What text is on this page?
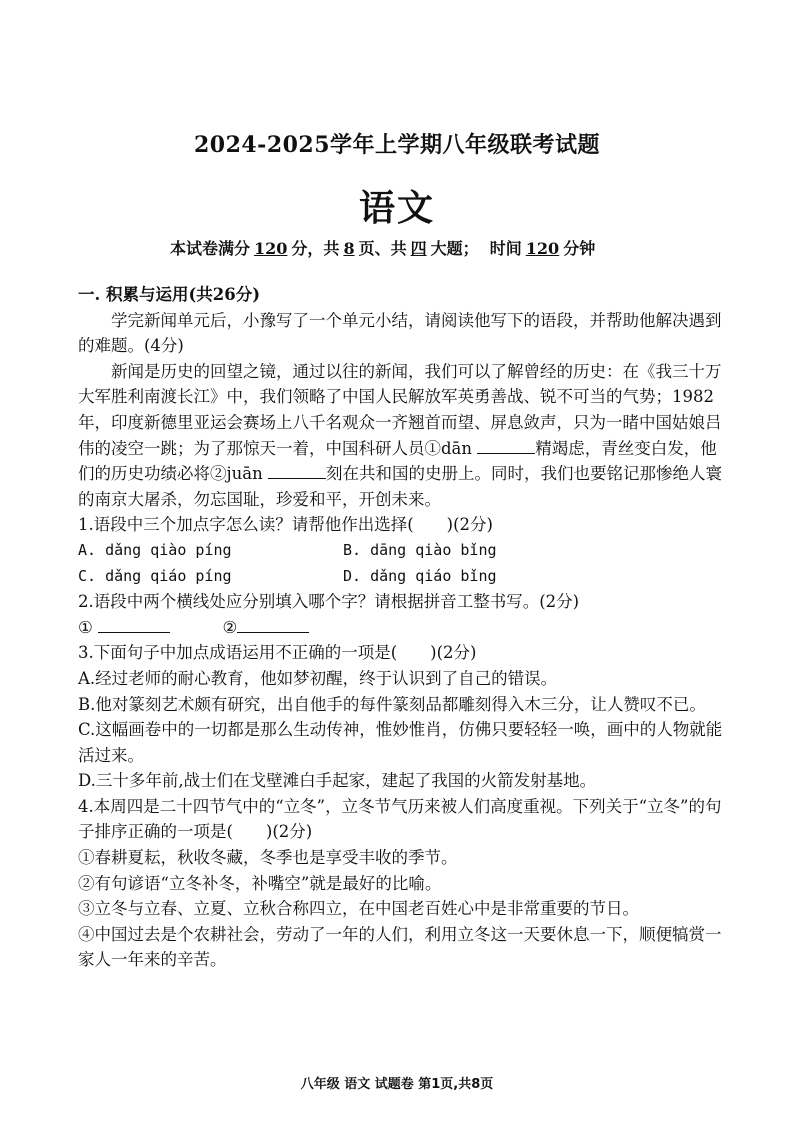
2024-2025学年上学期八年级联考试题
语文
本试卷满分 120 分，共 8 页、共 四 大题； 时间 120 分钟

一. 积累与运用(共26分)

学完新闻单元后，小豫写了一个单元小结，请阅读他写下的语段，并帮助他解决遇到的难题。(4分)

新闻是历史的回望之镜，通过以往的新闻，我们可以了解曾经的历史：在《我三十万大军胜利南渡长江》中，我们领略了中国人民解放军英勇善战、锐不可当的气势；1982年，印度新德里亚运会赛场上八千名观众一齐翘首而望、屏息敛声，只为一睹中国姑娘吕伟的凌空一跳；为了那惊天一着，中国科研人员①dān	精竭虑，青丝变白发，他们的历史功绩必将②juān	刻在共和国的史册上。同时，我们也要铭记那惨绝人寰的南京大屠杀，勿忘国耻，珍爱和平，开创未来。

1.语段中三个加点字怎么读？请帮他作出选择(　　)(2分)

A. dǎng qiào píng	B. dāng qiào bǐng
C. dǎng qiáo píng	D. dǎng qiáo bǐng

2.语段中两个横线处应分别填入哪个字？请根据拼音工整书写。(2分)

①	②

3.下面句子中加点成语运用不正确的一项是(　　)(2分)

A.经过老师的耐心教育，他如梦初醒，终于认识到了自己的错误。

B.他对篆刻艺术颇有研究，出自他手的每件篆刻品都雕刻得入木三分，让人赞叹不已。

C.这幅画卷中的一切都是那么生动传神，惟妙惟肖，仿佛只要轻轻一唤，画中的人物就能活过来。

D.三十多年前,战士们在戈壁滩白手起家，建起了我国的火箭发射基地。

4.本周四是二十四节气中的“立冬”，立冬节气历来被人们高度重视。下列关于“立冬”的句子排序正确的一项是(　　)(2分)

①春耕夏耘，秋收冬藏，冬季也是享受丰收的季节。

②有句谚语“立冬补冬，补嘴空”就是最好的比喻。

③立冬与立春、立夏、立秋合称四立，在中国老百姓心中是非常重要的节日。

④中国过去是个农耕社会，劳动了一年的人们，利用立冬这一天要休息一下，顺便犒赏一家人一年来的辛苦。

八年级 语文 试题卷 第1页,共8页
